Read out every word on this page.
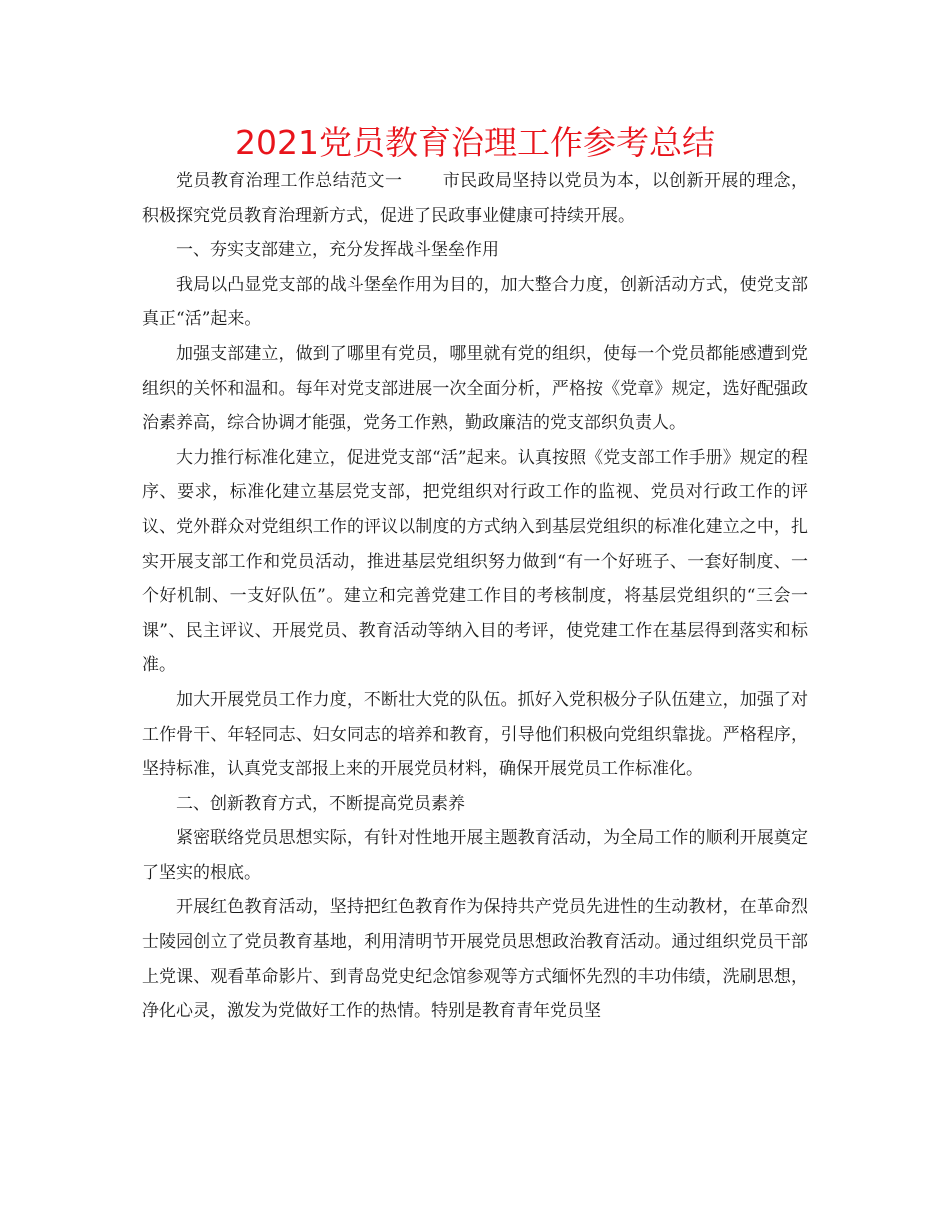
2021党员教育治理工作参考总结

党员教育治理工作总结范文一 市民政局坚持以党员为本，以创新开展的理念，积极探究党员教育治理新方式，促进了民政事业健康可持续开展。

一、夯实支部建立，充分发挥战斗堡垒作用

我局以凸显党支部的战斗堡垒作用为目的，加大整合力度，创新活动方式，使党支部真正“活”起来。

加强支部建立，做到了哪里有党员，哪里就有党的组织，使每一个党员都能感遭到党组织的关怀和温和。每年对党支部进展一次全面分析，严格按《党章》规定，选好配强政治素养高，综合协调才能强，党务工作熟，勤政廉洁的党支部织负责人。

大力推行标准化建立，促进党支部“活”起来。认真按照《党支部工作手册》规定的程序、要求，标准化建立基层党支部，把党组织对行政工作的监视、党员对行政工作的评议、党外群众对党组织工作的评议以制度的方式纳入到基层党组织的标准化建立之中，扎实开展支部工作和党员活动，推进基层党组织努力做到“有一个好班子、一套好制度、一个好机制、一支好队伍”。建立和完善党建工作目的考核制度，将基层党组织的“三会一课”、民主评议、开展党员、教育活动等纳入目的考评，使党建工作在基层得到落实和标准。

加大开展党员工作力度，不断壮大党的队伍。抓好入党积极分子队伍建立，加强了对工作骨干、年轻同志、妇女同志的培养和教育，引导他们积极向党组织靠拢。严格程序，坚持标准，认真党支部报上来的开展党员材料，确保开展党员工作标准化。

二、创新教育方式，不断提高党员素养

紧密联络党员思想实际，有针对性地开展主题教育活动，为全局工作的顺利开展奠定了坚实的根底。

开展红色教育活动，坚持把红色教育作为保持共产党员先进性的生动教材，在革命烈士陵园创立了党员教育基地，利用清明节开展党员思想政治教育活动。通过组织党员干部上党课、观看革命影片、到青岛党史纪念馆参观等方式缅怀先烈的丰功伟绩，洗刷思想，净化心灵，激发为党做好工作的热情。特别是教育青年党员坚
